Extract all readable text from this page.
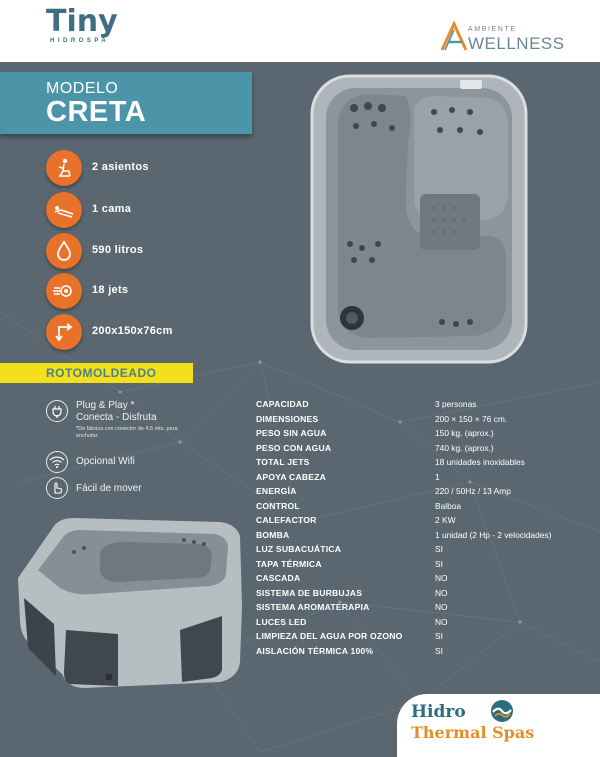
Tiny
HIDROSPA
AMBIENTE
WELLNESS
MODELO
CRETA
2 asientos
1 cama
590 litros
18 jets
200x150x76cm
ROTOMOLDEADO
Plug & Play *
Conecta - Disfruta
*De fábrica con conector de 4,5 mts. para enchufar.
Opcional Wifi
Fácil de mover
CAPACIDAD	3 personas
DIMENSIONES	200 × 150 × 76 cm.
PESO SIN AGUA	150 kg. (aprox.)
PESO CON AGUA	740 kg. (aprox.)
TOTAL JETS	18 unidades inoxidables
APOYA CABEZA	1
ENERGÍA	220 / 50Hz / 13 Amp
CONTROL	Balboa
CALEFACTOR	2 KW
BOMBA	1 unidad (2 Hp - 2 velocidades)
LUZ SUBACUÁTICA	SI
TAPA TÉRMICA	SI
CASCADA	NO
SISTEMA DE BURBUJAS	NO
SISTEMA AROMATERAPIA	NO
LUCES LED	NO
LIMPIEZA DEL AGUA POR OZONO	SI
AISLACIÓN TÉRMICA 100%	SI
Hidro
Thermal Spas
